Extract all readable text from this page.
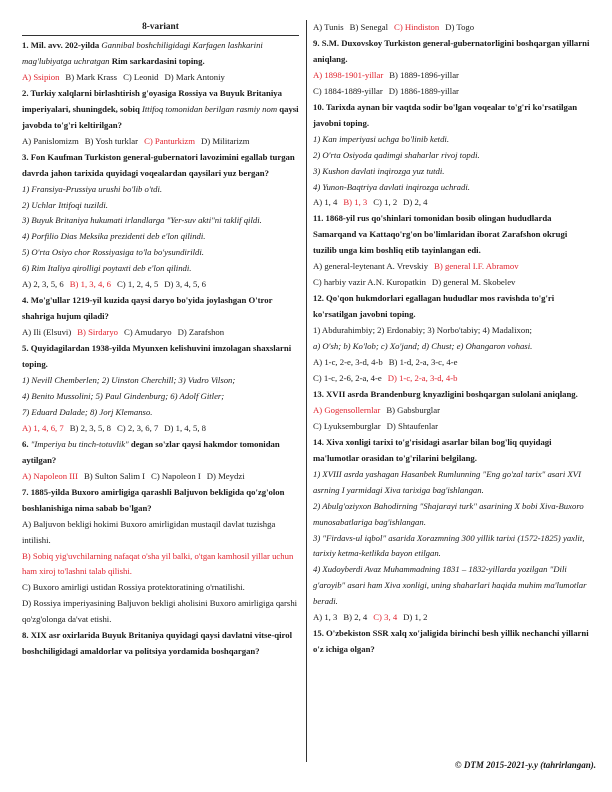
8-variant
1. Mil. avv. 202-yilda Gannibal boshchiligidagi Karfagen lashkarini mag'lubiyatga uchratgan Rim sarkardasini toping.
A) Ssipion B) Mark Krass C) Leonid D) Mark Antoniy
2. Turkiy xalqlarni birlashtirish g'oyasiga Rossiya va Buyuk Britaniya imperiyalari, shuningdek, sobiq Ittifoq tomonidan berilgan rasmiy nom qaysi javobda to'g'ri keltirilgan?
A) Panislomizm B) Yosh turklar C) Panturkizm D) Militarizm
3. Fon Kaufman Turkiston general-gubernatori lavozimini egallab turgan davrda jahon tarixida quyidagi voqealardan qaysilari yuz bergan?
1) Fransiya-Prussiya urushi bo'lib o'tdi.
2) Uchlar Ittifoqi tuzildi.
3) Buyuk Britaniya hukumati irlandlarga "Yer-suv akti"ni taklif qildi.
4) Porfilio Dias Meksika prezidenti deb e'lon qilindi.
5) O'rta Osiyo chor Rossiyasiga to'la bo'ysundirildi.
6) Rim Italiya qirolligi poytaxti deb e'lon qilindi.
A) 2, 3, 5, 6 B) 1, 3, 4, 6 C) 1, 2, 4, 5 D) 3, 4, 5, 6
4. Mo'g'ullar 1219-yil kuzida qaysi daryo bo'yida joylashgan O'tror shahriga hujum qiladi?
A) Ili (Elsuvi) B) Sirdaryo C) Amudaryo D) Zarafshon
5. Quyidagilardan 1938-yilda Myunxen kelishuvini imzolagan shaxslarni toping.
1) Nevill Chemberlen; 2) Uinston Cherchill; 3) Vudro Vilson;
4) Benito Mussolini; 5) Paul Gindenburg; 6) Adolf Gitler;
7) Eduard Dalade; 8) Jorj Klemanso.
A) 1, 4, 6, 7 B) 2, 3, 5, 8 C) 2, 3, 6, 7 D) 1, 4, 5, 8
6. "Imperiya bu tinch-totuvlik" degan so'zlar qaysi hakmdor tomonidan aytilgan?
A) Napoleon III B) Sulton Salim I C) Napoleon I D) Meydzi
7. 1885-yilda Buxoro amirligiga qarashli Baljuvon bekligida qo'zg'olon boshlanishiga nima sabab bo'lgan?
A) Baljuvon bekligi hokimi Buxoro amirligidan mustaqil davlat tuzishga intilishi.
B) Sobiq yig'uvchilarning nafaqat o'sha yil balki, o'tgan kamhosil yillar uchun ham xiroj to'lashni talab qilishi.
C) Buxoro amirligi ustidan Rossiya protektoratining o'rnatilishi.
D) Rossiya imperiyasining Baljuvon bekligi aholisini Buxoro amirligiga qarshi qo'zg'olonga da'vat etishi.
8. XIX asr oxirlarida Buyuk Britaniya quyidagi qaysi davlatni vitse-qirol boshchiligidagi amaldorlar va politsiya yordamida boshqargan?
A) Tunis B) Senegal C) Hindiston D) Togo
9. S.M. Duxovskoy Turkiston general-gubernatorligini boshqargan yillarni aniqlang.
A) 1898-1901-yillar B) 1889-1896-yillar
C) 1884-1889-yillar D) 1886-1889-yillar
10. Tarixda aynan bir vaqtda sodir bo'lgan voqealar to'g'ri ko'rsatilgan javobni toping.
1) Kan imperiyasi uchga bo'linib ketdi.
2) O'rta Osiyoda qadimgi shaharlar rivoj topdi.
3) Kushon davlati inqirozga yuz tutdi.
4) Yunon-Baqtriya davlati inqirozga uchradi.
A) 1, 4 B) 1, 3 C) 1, 2 D) 2, 4
11. 1868-yil rus qo'shinlari tomonidan bosib olingan hududlarda Samarqand va Kattaqo'rg'on bo'limlaridan iborat Zarafshon okrugi tuzilib unga kim boshliq etib tayinlangan edi.
A) general-leytenant A. Vrevskiy B) general I.F. Abramov
C) harbiy vazir A.N. Kuropatkin D) general M. Skobelev
12. Qo'qon hukmdorlari egallagan hududlar mos ravishda to'g'ri ko'rsatilgan javobni toping.
1) Abdurahimbiy; 2) Erdonabiy; 3) Norbo'tabiy; 4) Madalixon;
a) O'sh; b) Ko'lob; c) Xo'jand; d) Chust; e) Ohangaron vohasi.
A) 1-c, 2-e, 3-d, 4-b B) 1-d, 2-a, 3-c, 4-e
C) 1-c, 2-6, 2-a, 4-e D) 1-c, 2-a, 3-d, 4-b
13. XVII asrda Brandenburg knyazligini boshqargan sulolani aniqlang.
A) Gogensollernlar B) Gabsburglar
C) Lyuksemburglar D) Shtaufenlar
14. Xiva xonligi tarixi to'g'risidagi asarlar bilan bog'liq quyidagi ma'lumotlar orasidan to'g'rilarini belgilang.
1) XVIII asrda yashagan Hasanbek Rumlunning "Eng go'zal tarix" asari XVI asrning I yarmidagi Xiva tarixiga bag'ishlangan.
2) Abulg'oziyxon Bahodirning "Shajarayi turk" asarining X bobi Xiva-Buxoro munosabatlariga bag'ishlangan.
3) "Firdavs-ul iqbol" asarida Xorazmning 300 yillik tarixi (1572-1825) yaxlit, tarixiy ketma-ketlikda bayon etilgan.
4) Xudoyberdi Avaz Muhammadning 1831 – 1832-yillarda yozilgan "Dili g'aroyib" asari ham Xiva xonligi, uning shaharlari haqida muhim ma'lumotlar beradi.
A) 1, 3 B) 2, 4 C) 3, 4 D) 1, 2
15. O'zbekiston SSR xalq xo'jaligida birinchi besh yillik nechanchi yillarni o'z ichiga olgan?
© DTM 2015-2021-y.y (tahrirlangan).
